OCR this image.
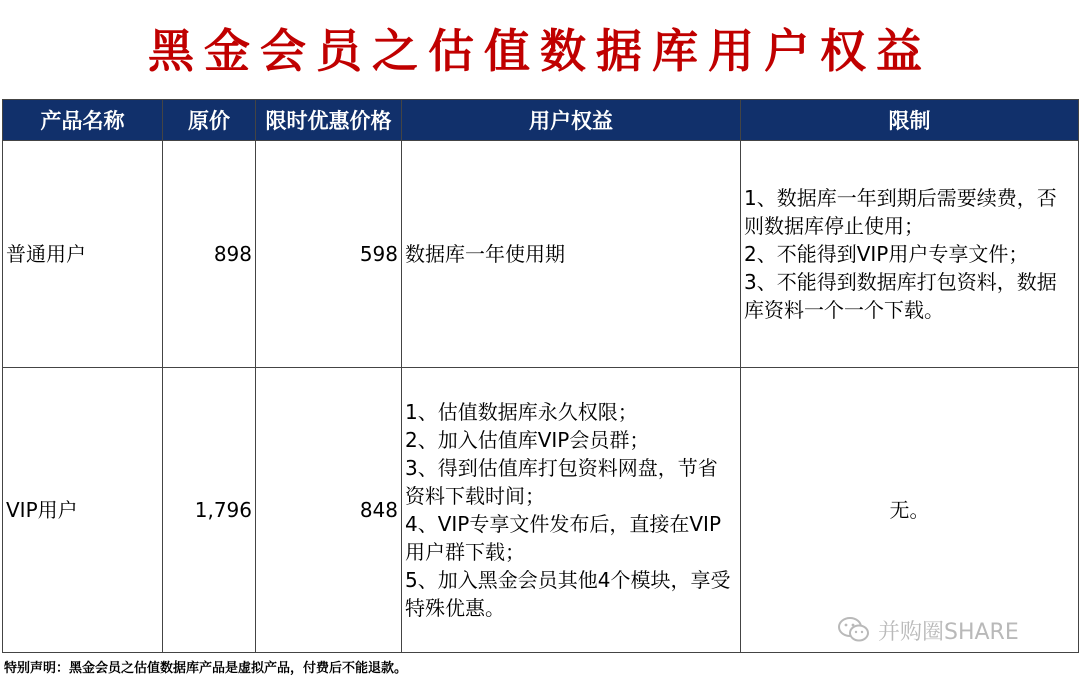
黑金会员之估值数据库用户权益
产品名称	原价	限时优惠价格	用户权益	限制
普通用户	898	598	数据库一年使用期	1、数据库一年到期后需要续费，否则数据库停止使用；
2、不能得到VIP用户专享文件；
3、不能得到数据库打包资料，数据库资料一个一个下载。

VIP用户	1,796	848	1、估值数据库永久权限；
2、加入估值库VIP会员群；
3、得到估值库打包资料网盘，节省资料下载时间；
4、VIP专享文件发布后，直接在VIP用户群下载；
5、加入黑金会员其他4个模块，享受特殊优惠。	无。
并购圈SHARE
特别声明：黑金会员之估值数据库产品是虚拟产品，付费后不能退款。
